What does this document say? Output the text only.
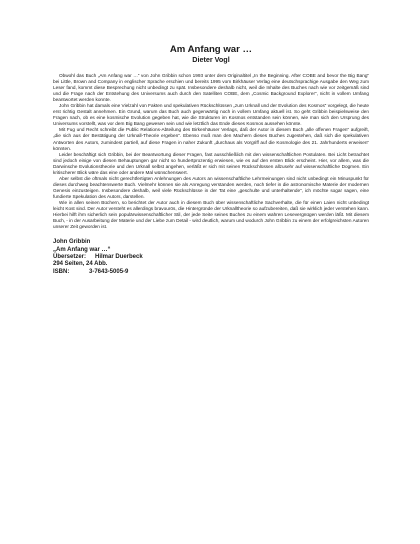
Am Anfang war …
Dieter Vogl

Obwohl das Buch „Am Anfang war …“ von John Gribbin schon 1993 unter dem Originaltitel „In the Beginning. After COBE and bevor the Big Bang“ bei Little, Brown and Company in englischer Sprache erschien und bereits 1995 vom Birkhäuser Verlag eine deutschsprachige Ausgabe den Weg zum Leser fand, kommt diese Besprechung nicht unbedingt zu spät. Insbesondere deshalb nicht, weil die Inhalte des Buches nach wie vor zeitgemäß sind und die Frage nach der Entstehung des Universums auch durch den Satelliten COBE, dem „Cosmic Background Explorer“, nicht in vollem Umfang beantwortet werden konnte.

John Gribbin hat damals eine Vielzahl von Fakten und spekulativen Rückschlüssen „zum Urknall und der Evolution des Kosmos“ vorgelegt, die heute erst richtig Gestalt annehmen. Ein Grund, warum das Buch auch gegenwärtig noch in vollem Umfang aktuell ist. So geht Gribbin beispielsweise den Fragen nach, ob es eine kosmische Evolution gegeben hat, wie die Strukturen im Kosmos entstanden sein können, wie man sich den Ursprung des Universums vorstellt, was vor dem Big Bang gewesen sein und wie letztlich das Ende dieses Kosmos aussehen könnte.

Mit Fug und Recht schreibt die Public Relations-Abteilung des Birkenhäuser Verlags, daß der Autor in diesem Buch „alle offenen Fragen“ aufgreift, „die sich aus der Bestätigung der Urknall-Theorie ergeben“. Ebenso muß man den Machern dieses Buches zugestehen, daß sich die spekulativen Antworten des Autors, zumindest partiell, auf diese Fragen in naher Zukunft „durchaus als Vorgriff auf die Kosmologie des 21. Jahrhunderts erweisen“ könnten.

Leider beschäftigt sich Gribbin, bei der Beantwortung dieser Fragen, fast ausschließlich mit den wissenschaftlichen Postulaten. Bei Licht betrachtet sind jedoch einige von diesen Behauptungen gar nicht so hundertprozentig erwiesen, wie es auf den ersten Blick erscheint. Hier, vor allem, was die Darwinsche Evolutionstheorie und den Urknall selbst angehen, verläßt er sich mit seinen Rückschlüssen allzusehr auf wissenschaftliche Dogmen. Ein kritischerer Blick wäre das eine oder andere Mal wünschenswert.

Aber selbst die oftmals nicht gerechtfertigten Anlehnungen des Autors an wissenschaftliche Lehrmeinungen sind nicht unbedingt ein Minuspunkt für dieses durchweg beachtenswerte Buch. Vielmehr können sie als Anregung verstanden werden, noch tiefer in die astronomische Materie der modernen Genesis einzusteigen. Insbesondere deshalb, weil viele Rückschlüsse in der Tat eine „geschulte und unterhaltende“, ich möchte sogar sagen, eine fundierte Spekulation des Autors, darstellen.

Wie in allen seinen Büchern, so berichtet der Autor auch in diesem Buch über wissenschaftliche Sachverhalte, die für einen Laien nicht unbedingt leicht Kost sind. Der Autor versteht es allerdings bravourös, die Hintergründe der Urknalltheorie so aufzubereiten, daß sie wirklich jeder verstehen kann. Hierbei hilft ihm sicherlich sein populärwissenschaftlicher Stil, der jede Seite seines Buches zu einem wahren Lesevergnügen werden läßt. Mit diesem Buch, - in der Ausarbeitung der Materie und der Liebe zum Detail - wird deutlich, warum und wodurch John Gribbin zu einem der erfolgreichsten Autoren unserer Zeit geworden ist.

John Gribbin
„Am Anfang war …“
Übersetzer: Hilmar Duerbeck
294 Seiten, 24 Abb.
ISBN:	3-7643-5005-9
